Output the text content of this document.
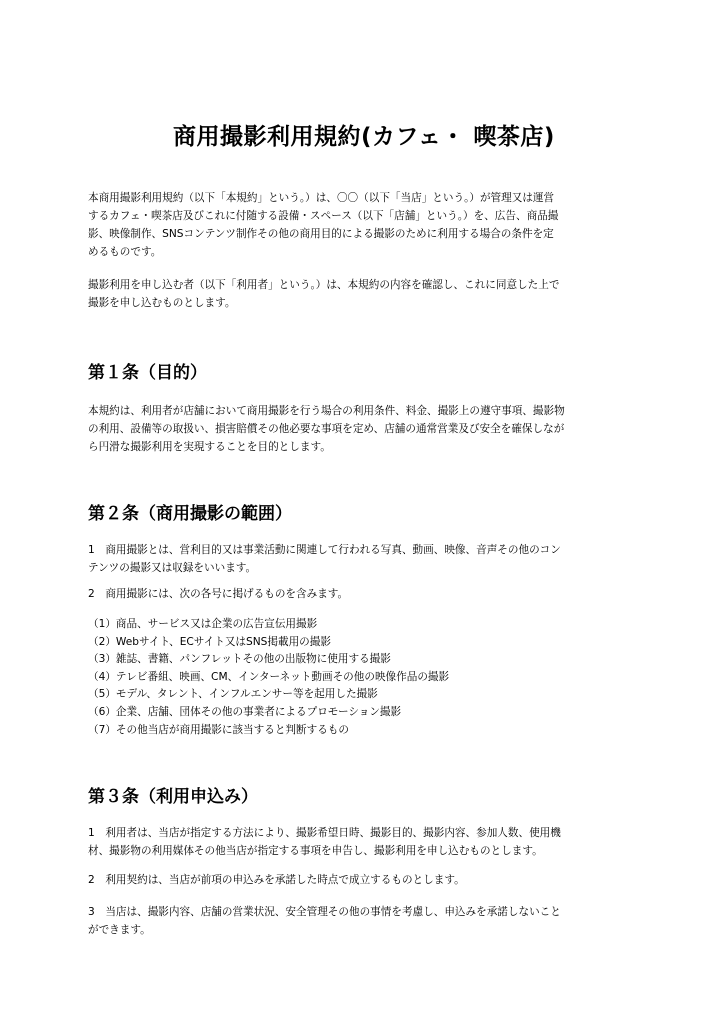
商用撮影利用規約(カフェ・ 喫茶店)

本商用撮影利用規約（以下「本規約」という。）は、〇〇（以下「当店」という。）が管理又は運営
するカフェ・喫茶店及びこれに付随する設備・スペース（以下「店舗」という。）を、広告、商品撮
影、映像制作、SNSコンテンツ制作その他の商用目的による撮影のために利用する場合の条件を定
めるものです。

撮影利用を申し込む者（以下「利用者」という。）は、本規約の内容を確認し、これに同意した上で
撮影を申し込むものとします。

第１条（目的）

本規約は、利用者が店舗において商用撮影を行う場合の利用条件、料金、撮影上の遵守事項、撮影物
の利用、設備等の取扱い、損害賠償その他必要な事項を定め、店舗の通常営業及び安全を確保しなが
ら円滑な撮影利用を実現することを目的とします。

第２条（商用撮影の範囲）

1　商用撮影とは、営利目的又は事業活動に関連して行われる写真、動画、映像、音声その他のコン
テンツの撮影又は収録をいいます。

2　商用撮影には、次の各号に掲げるものを含みます。

（1）商品、サービス又は企業の広告宣伝用撮影
（2）Webサイト、ECサイト又はSNS掲載用の撮影
（3）雑誌、書籍、パンフレットその他の出版物に使用する撮影
（4）テレビ番組、映画、CM、インターネット動画その他の映像作品の撮影
（5）モデル、タレント、インフルエンサー等を起用した撮影
（6）企業、店舗、団体その他の事業者によるプロモーション撮影
（7）その他当店が商用撮影に該当すると判断するもの
第３条（利用申込み）

1　利用者は、当店が指定する方法により、撮影希望日時、撮影目的、撮影内容、参加人数、使用機
材、撮影物の利用媒体その他当店が指定する事項を申告し、撮影利用を申し込むものとします。

2　利用契約は、当店が前項の申込みを承諾した時点で成立するものとします。

3　当店は、撮影内容、店舗の営業状況、安全管理その他の事情を考慮し、申込みを承諾しないこと
ができます。
